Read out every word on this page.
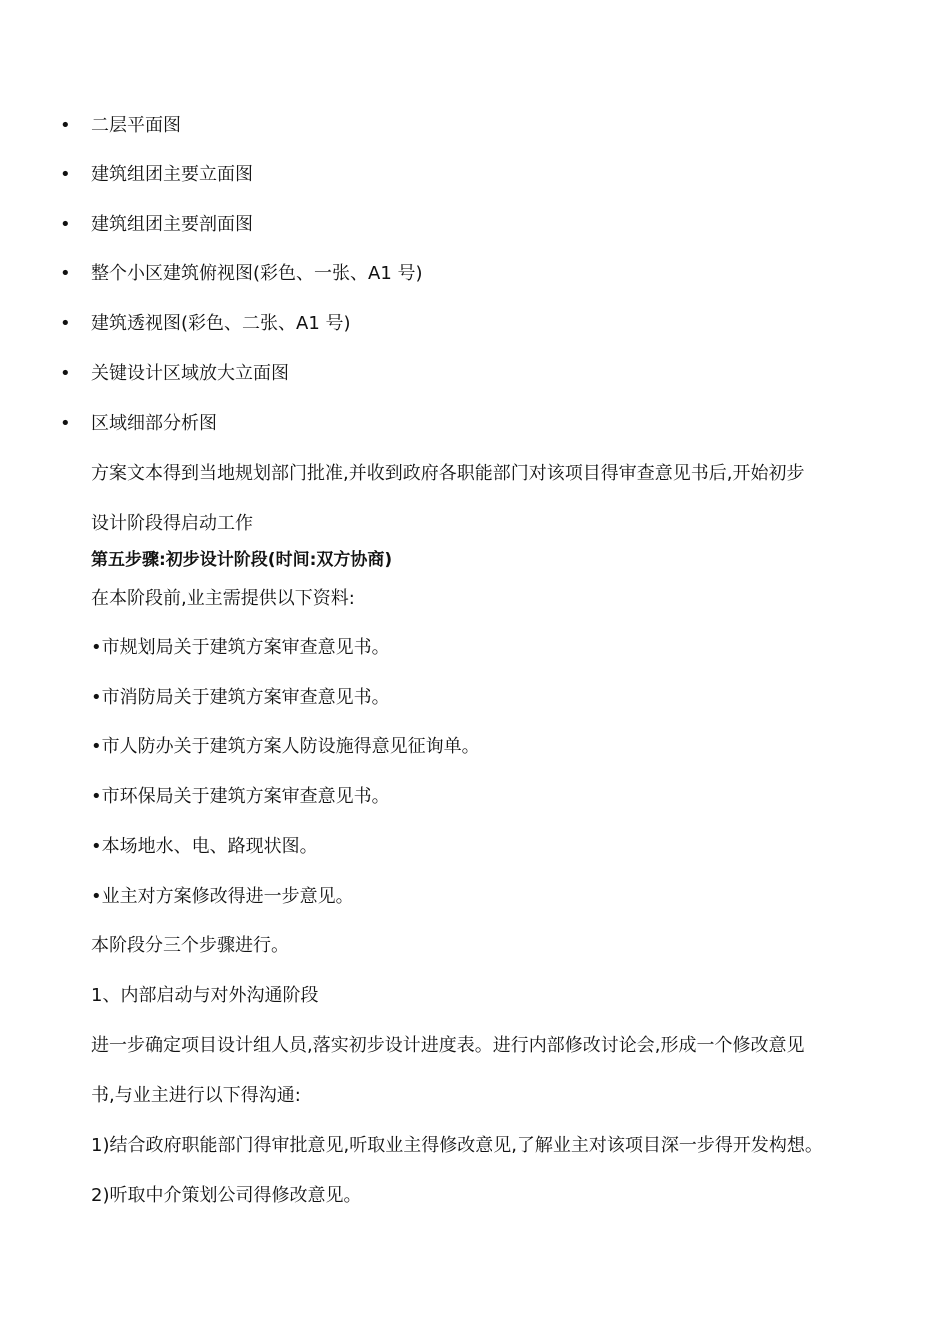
• 二层平面图
• 建筑组团主要立面图
• 建筑组团主要剖面图
• 整个小区建筑俯视图(彩色、一张、A1 号)
• 建筑透视图(彩色、二张、A1 号)
• 关键设计区域放大立面图
• 区域细部分析图
方案文本得到当地规划部门批准,并收到政府各职能部门对该项目得审查意见书后,开始初步
设计阶段得启动工作
第五步骤:初步设计阶段(时间:双方协商)
在本阶段前,业主需提供以下资料:
•市规划局关于建筑方案审查意见书。
•市消防局关于建筑方案审查意见书。
•市人防办关于建筑方案人防设施得意见征询单。
•市环保局关于建筑方案审查意见书。
•本场地水、电、路现状图。
•业主对方案修改得进一步意见。
本阶段分三个步骤进行。
1、内部启动与对外沟通阶段
进一步确定项目设计组人员,落实初步设计进度表。进行内部修改讨论会,形成一个修改意见
书,与业主进行以下得沟通:
1)结合政府职能部门得审批意见,听取业主得修改意见,了解业主对该项目深一步得开发构想。
2)听取中介策划公司得修改意见。
